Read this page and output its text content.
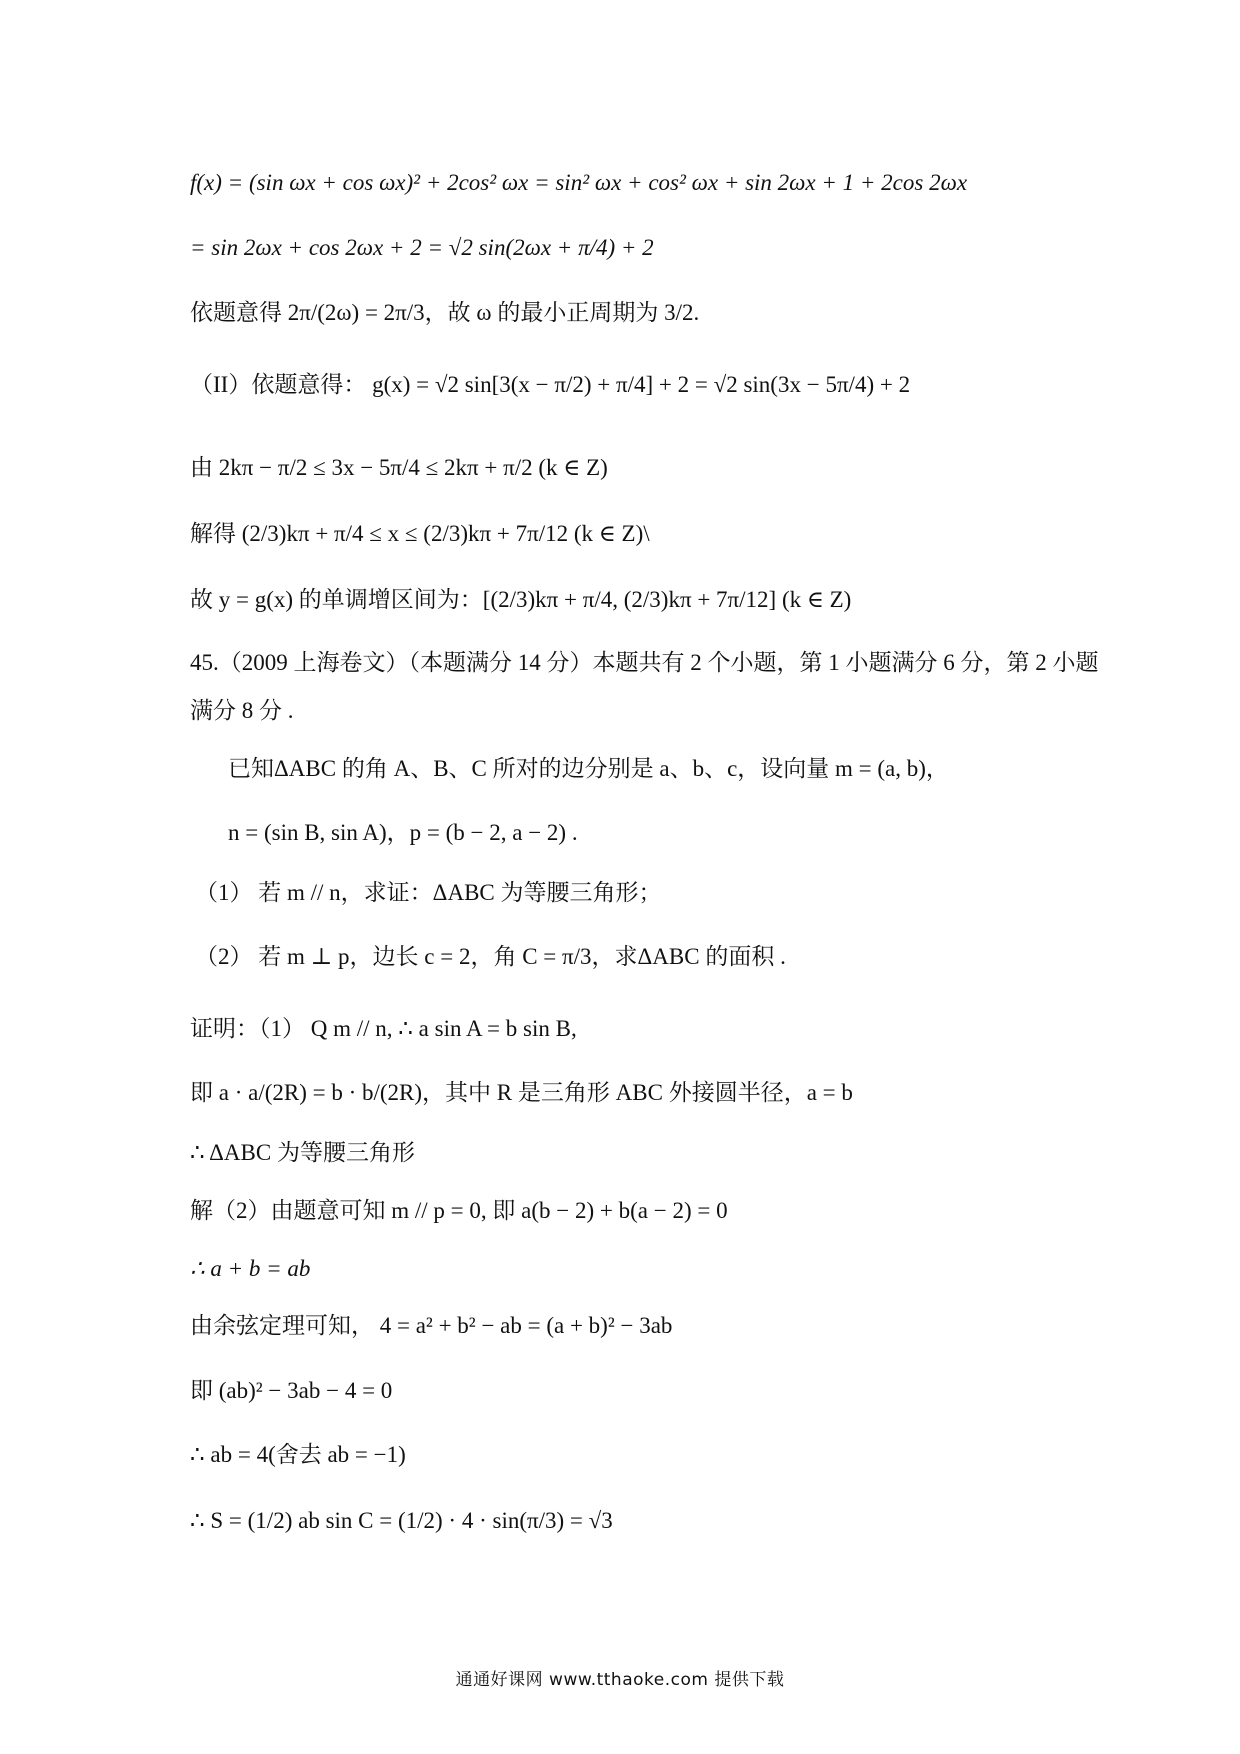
f(x) = (sin ωx + cos ωx)² + 2cos² ωx = sin² ωx + cos² ωx + sin 2ωx + 1 + 2cos 2ωx
= sin 2ωx + cos 2ωx + 2 = √2 sin(2ωx + π/4) + 2
依题意得 2π/(2ω) = 2π/3，故 ω 的最小正周期为 3/2.
（II）依题意得： g(x) = √2 sin[3(x − π/2) + π/4] + 2 = √2 sin(3x − 5π/4) + 2
由 2kπ − π/2 ≤ 3x − 5π/4 ≤ 2kπ + π/2 (k ∈ Z)
解得 (2/3)kπ + π/4 ≤ x ≤ (2/3)kπ + 7π/12 (k ∈ Z)\
故 y = g(x) 的单调增区间为：[(2/3)kπ + π/4, (2/3)kπ + 7π/12] (k ∈ Z)
45.（2009 上海卷文）（本题满分 14 分）本题共有 2 个小题，第 1 小题满分 6 分，第 2 小题
满分 8 分 .
已知ΔABC 的角 A、B、C 所对的边分别是 a、b、c，设向量 m = (a, b)，
n = (sin B, sin A)，p = (b − 2, a − 2) .
（1） 若 m // n，求证：ΔABC 为等腰三角形；
（2） 若 m ⊥ p，边长 c = 2，角 C = π/3，求ΔABC 的面积 .
证明：（1） Q m // n, ∴ a sin A = b sin B,
即 a · a/(2R) = b · b/(2R)，其中 R 是三角形 ABC 外接圆半径，a = b
∴ ΔABC 为等腰三角形
解（2）由题意可知 m // p = 0, 即 a(b − 2) + b(a − 2) = 0
∴ a + b = ab
由余弦定理可知， 4 = a² + b² − ab = (a + b)² − 3ab
即 (ab)² − 3ab − 4 = 0
∴ ab = 4(舍去 ab = −1)
∴ S = (1/2) ab sin C = (1/2) · 4 · sin(π/3) = √3
通通好课网 www.tthaoke.com 提供下载
